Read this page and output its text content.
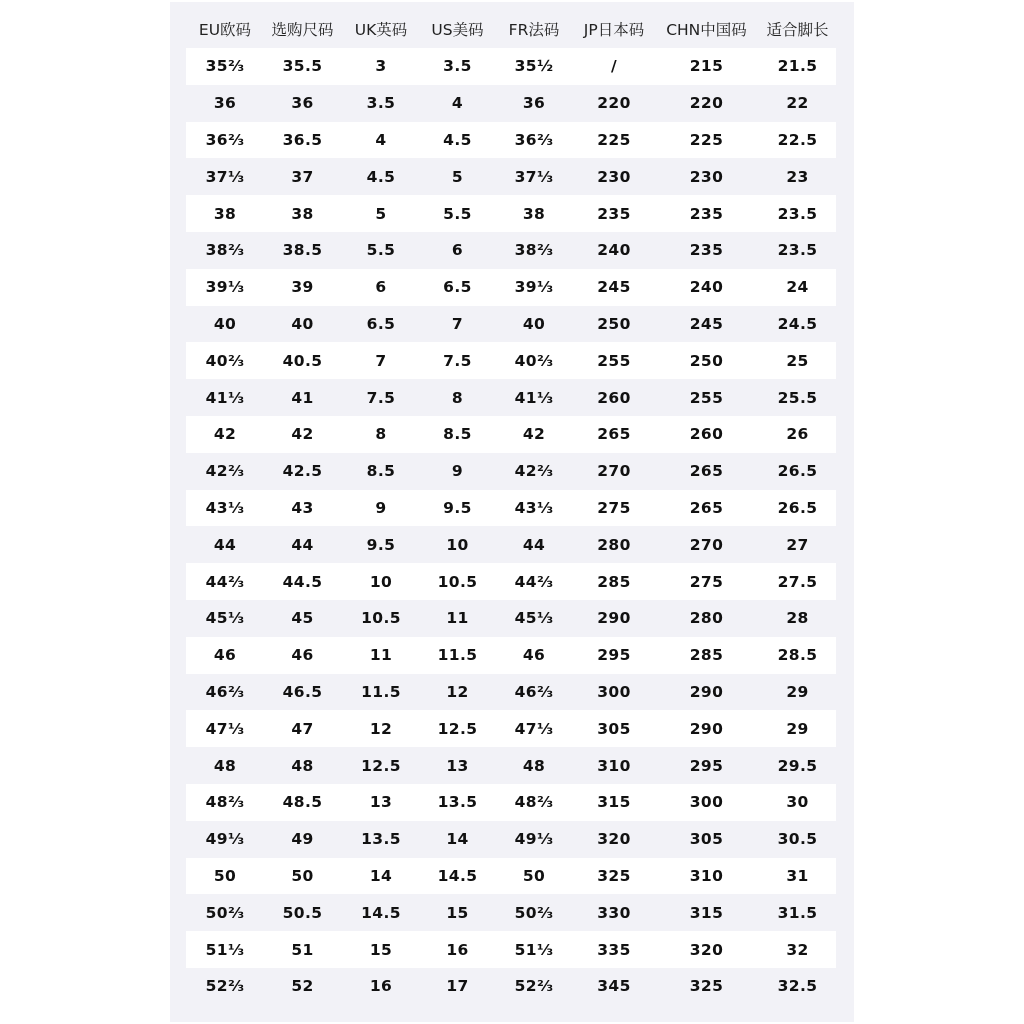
EU欧码	选购尺码	UK英码	US美码	FR法码	JP日本码	CHN中国码	适合脚长
35⅔	35.5	3	3.5	35½	/	215	21.5
36	36	3.5	4	36	220	220	22
36⅔	36.5	4	4.5	36⅔	225	225	22.5
37⅓	37	4.5	5	37⅓	230	230	23
38	38	5	5.5	38	235	235	23.5
38⅔	38.5	5.5	6	38⅔	240	235	23.5
39⅓	39	6	6.5	39⅓	245	240	24
40	40	6.5	7	40	250	245	24.5
40⅔	40.5	7	7.5	40⅔	255	250	25
41⅓	41	7.5	8	41⅓	260	255	25.5
42	42	8	8.5	42	265	260	26
42⅔	42.5	8.5	9	42⅔	270	265	26.5
43⅓	43	9	9.5	43⅓	275	265	26.5
44	44	9.5	10	44	280	270	27
44⅔	44.5	10	10.5	44⅔	285	275	27.5
45⅓	45	10.5	11	45⅓	290	280	28
46	46	11	11.5	46	295	285	28.5
46⅔	46.5	11.5	12	46⅔	300	290	29
47⅓	47	12	12.5	47⅓	305	290	29
48	48	12.5	13	48	310	295	29.5
48⅔	48.5	13	13.5	48⅔	315	300	30
49⅓	49	13.5	14	49⅓	320	305	30.5
50	50	14	14.5	50	325	310	31
50⅔	50.5	14.5	15	50⅔	330	315	31.5
51⅓	51	15	16	51⅓	335	320	32
52⅔	52	16	17	52⅔	345	325	32.5
